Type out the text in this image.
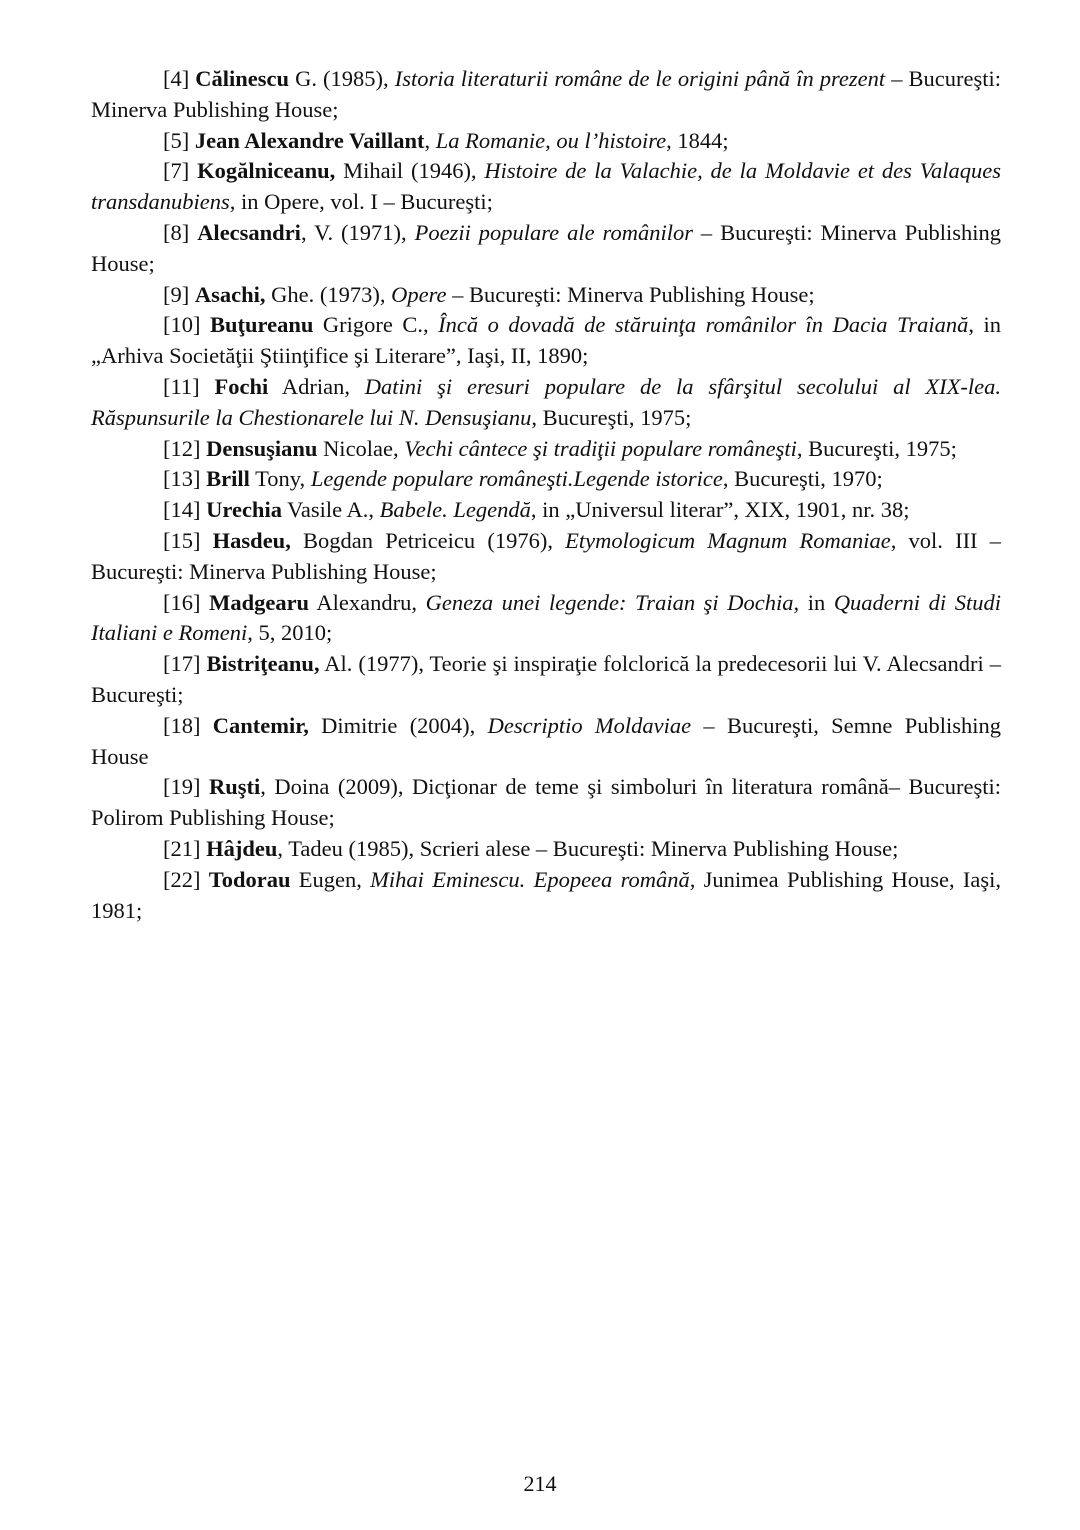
[4] Călinescu G. (1985), Istoria literaturii române de le origini până în prezent – Bucureşti: Minerva Publishing House;

[5] Jean Alexandre Vaillant, La Romanie, ou l’histoire, 1844;

[7] Kogălniceanu, Mihail (1946), Histoire de la Valachie, de la Moldavie et des Valaques transdanubiens, in Opere, vol. I – Bucureşti;

[8] Alecsandri, V. (1971), Poezii populare ale românilor – Bucureşti: Minerva Publishing House;

[9] Asachi, Ghe. (1973), Opere – Bucureşti: Minerva Publishing House;

[10] Buţureanu Grigore C., Încă o dovadă de stăruinţa românilor în Dacia Traiană, in „Arhiva Societăţii Ştiinţifice şi Literare”, Iaşi, II, 1890;

[11] Fochi Adrian, Datini şi eresuri populare de la sfârşitul secolului al XIX-lea. Răspunsurile la Chestionarele lui N. Densuşianu, Bucureşti, 1975;

[12] Densuşianu Nicolae, Vechi cântece şi tradiţii populare româneşti, Bucureşti, 1975;

[13] Brill Tony, Legende populare româneşti.Legende istorice, Bucureşti, 1970;

[14] Urechia Vasile A., Babele. Legendă, in „Universul literar”, XIX, 1901, nr. 38;

[15] Hasdeu, Bogdan Petriceicu (1976), Etymologicum Magnum Romaniae, vol. III – Bucureşti: Minerva Publishing House;

[16] Madgearu Alexandru, Geneza unei legende: Traian şi Dochia, in Quaderni di Studi Italiani e Romeni, 5, 2010;

[17] Bistriţeanu, Al. (1977), Teorie şi inspiraţie folclorică la predecesorii lui V. Alecsandri – Bucureşti;

[18] Cantemir, Dimitrie (2004), Descriptio Moldaviae – Bucureşti, Semne Publishing House

[19] Ruşti, Doina (2009), Dicţionar de teme şi simboluri în literatura română– Bucureşti: Polirom Publishing House;

[21] Hâjdeu, Tadeu (1985), Scrieri alese – Bucureşti: Minerva Publishing House;

[22] Todorau Eugen, Mihai Eminescu. Epopeea română, Junimea Publishing House, Iaşi, 1981;

214
